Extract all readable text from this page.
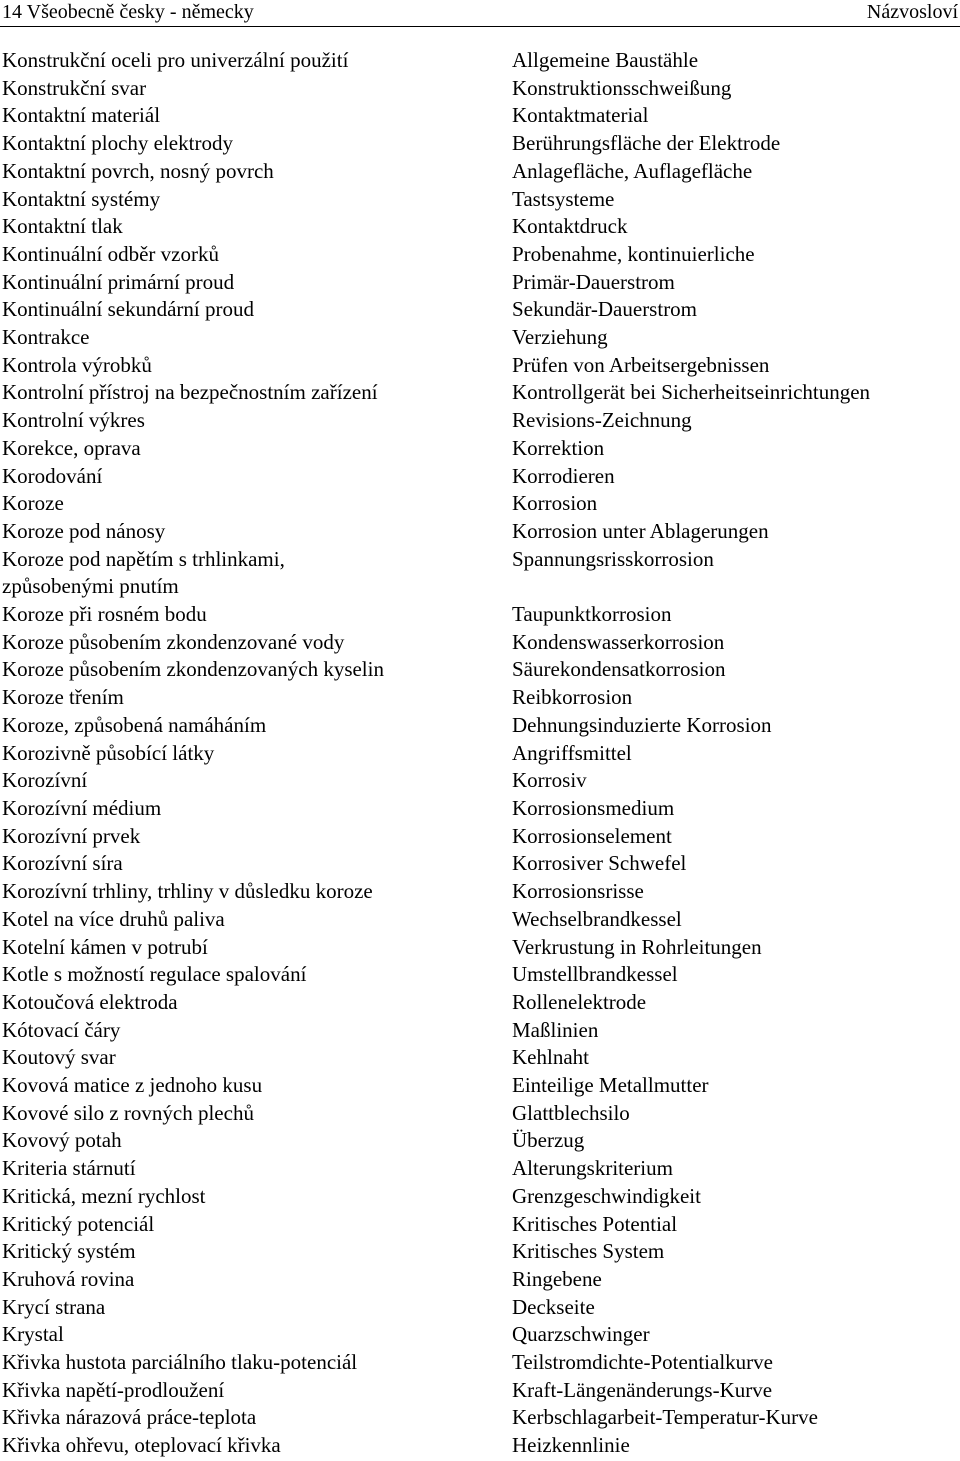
14 Všeobecně česky - německy	Názvosloví
Konstrukční oceli pro univerzální použití	Allgemeine Baustähle
Konstrukční svar	Konstruktionsschweißung
Kontaktní materiál	Kontaktmaterial
Kontaktní plochy elektrody	Berührungsfläche der Elektrode
Kontaktní povrch, nosný povrch	Anlagefläche, Auflagefläche
Kontaktní systémy	Tastsysteme
Kontaktní tlak	Kontaktdruck
Kontinuální odběr vzorků	Probenahme, kontinuierliche
Kontinuální primární proud	Primär-Dauerstrom
Kontinuální sekundární proud	Sekundär-Dauerstrom
Kontrakce	Verziehung
Kontrola výrobků	Prüfen von Arbeitsergebnissen
Kontrolní přístroj na bezpečnostním zařízení	Kontrollgerät bei Sicherheitseinrichtungen
Kontrolní výkres	Revisions-Zeichnung
Korekce, oprava	Korrektion
Korodování	Korrodieren
Koroze	Korrosion
Koroze pod nánosy	Korrosion unter Ablagerungen
Koroze pod napětím s trhlinkami,	Spannungsrisskorrosion
způsobenými pnutím
Koroze při rosném bodu	Taupunktkorrosion
Koroze působením zkondenzované vody	Kondenswasserkorrosion
Koroze působením zkondenzovaných kyselin	Säurekondensatkorrosion
Koroze třením	Reibkorrosion
Koroze, způsobená namáháním	Dehnungsinduzierte Korrosion
Korozivně působící látky	Angriffsmittel
Korozívní	Korrosiv
Korozívní médium	Korrosionsmedium
Korozívní prvek	Korrosionselement
Korozívní síra	Korrosiver Schwefel
Korozívní trhliny, trhliny v důsledku koroze	Korrosionsrisse
Kotel na více druhů paliva	Wechselbrandkessel
Kotelní kámen v potrubí	Verkrustung in Rohrleitungen
Kotle s možností regulace spalování	Umstellbrandkessel
Kotoučová elektroda	Rollenelektrode
Kótovací čáry	Maßlinien
Koutový svar	Kehlnaht
Kovová matice z jednoho kusu	Einteilige Metallmutter
Kovové silo z rovných plechů	Glattblechsilo
Kovový potah	Überzug
Kriteria stárnutí	Alterungskriterium
Kritická, mezní rychlost	Grenzgeschwindigkeit
Kritický potenciál	Kritisches Potential
Kritický systém	Kritisches System
Kruhová rovina	Ringebene
Krycí strana	Deckseite
Krystal	Quarzschwinger
Křivka hustota parciálního tlaku-potenciál	Teilstromdichte-Potentialkurve
Křivka napětí-prodloužení	Kraft-Längenänderungs-Kurve
Křivka nárazová práce-teplota	Kerbschlagarbeit-Temperatur-Kurve
Křivka ohřevu, oteplovací křivka	Heizkennlinie
